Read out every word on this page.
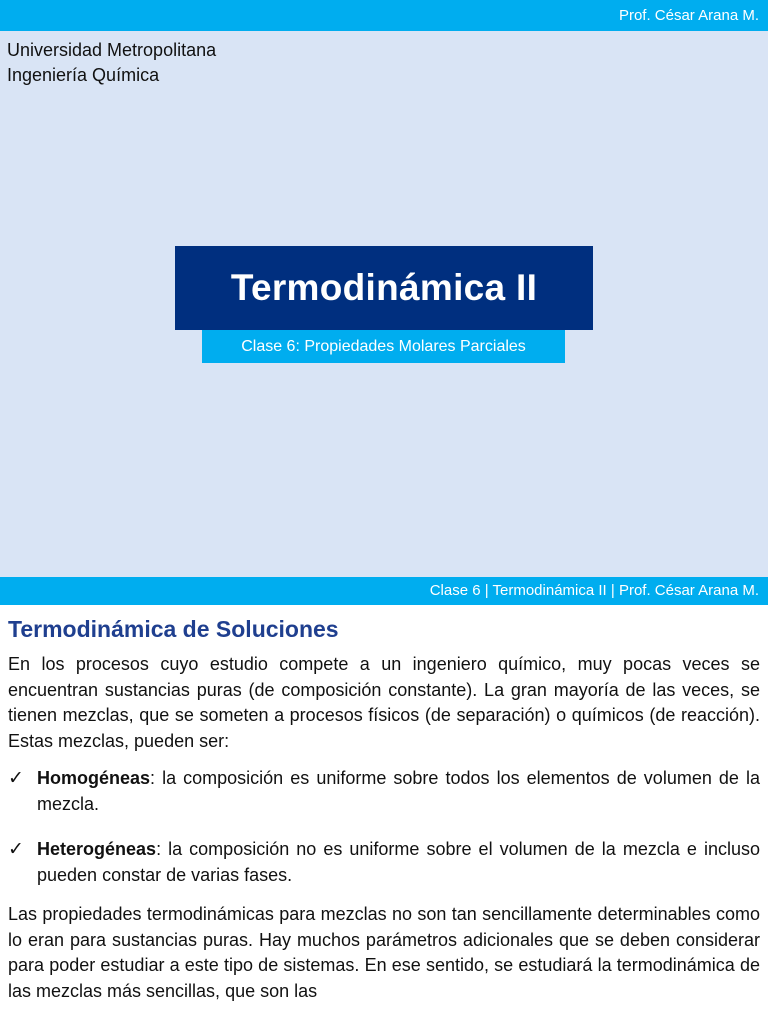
Prof. César Arana M.
Universidad Metropolitana
Ingeniería Química
Termodinámica II
Clase 6: Propiedades Molares Parciales
Clase 6 | Termodinámica II | Prof. César Arana M.
Termodinámica de Soluciones

En los procesos cuyo estudio compete a un ingeniero químico, muy pocas veces se encuentran sustancias puras (de composición constante). La gran mayoría de las veces, se tienen mezclas, que se someten a procesos físicos (de separación) o químicos (de reacción). Estas mezclas, pueden ser:

✓ Homogéneas: la composición es uniforme sobre todos los elementos de volumen de la mezcla.
✓ Heterogéneas: la composición no es uniforme sobre el volumen de la mezcla e incluso pueden constar de varias fases.

Las propiedades termodinámicas para mezclas no son tan sencillamente determinables como lo eran para sustancias puras. Hay muchos parámetros adicionales que se deben considerar para poder estudiar a este tipo de sistemas. En ese sentido, se estudiará la termodinámica de las mezclas más sencillas, que son las
